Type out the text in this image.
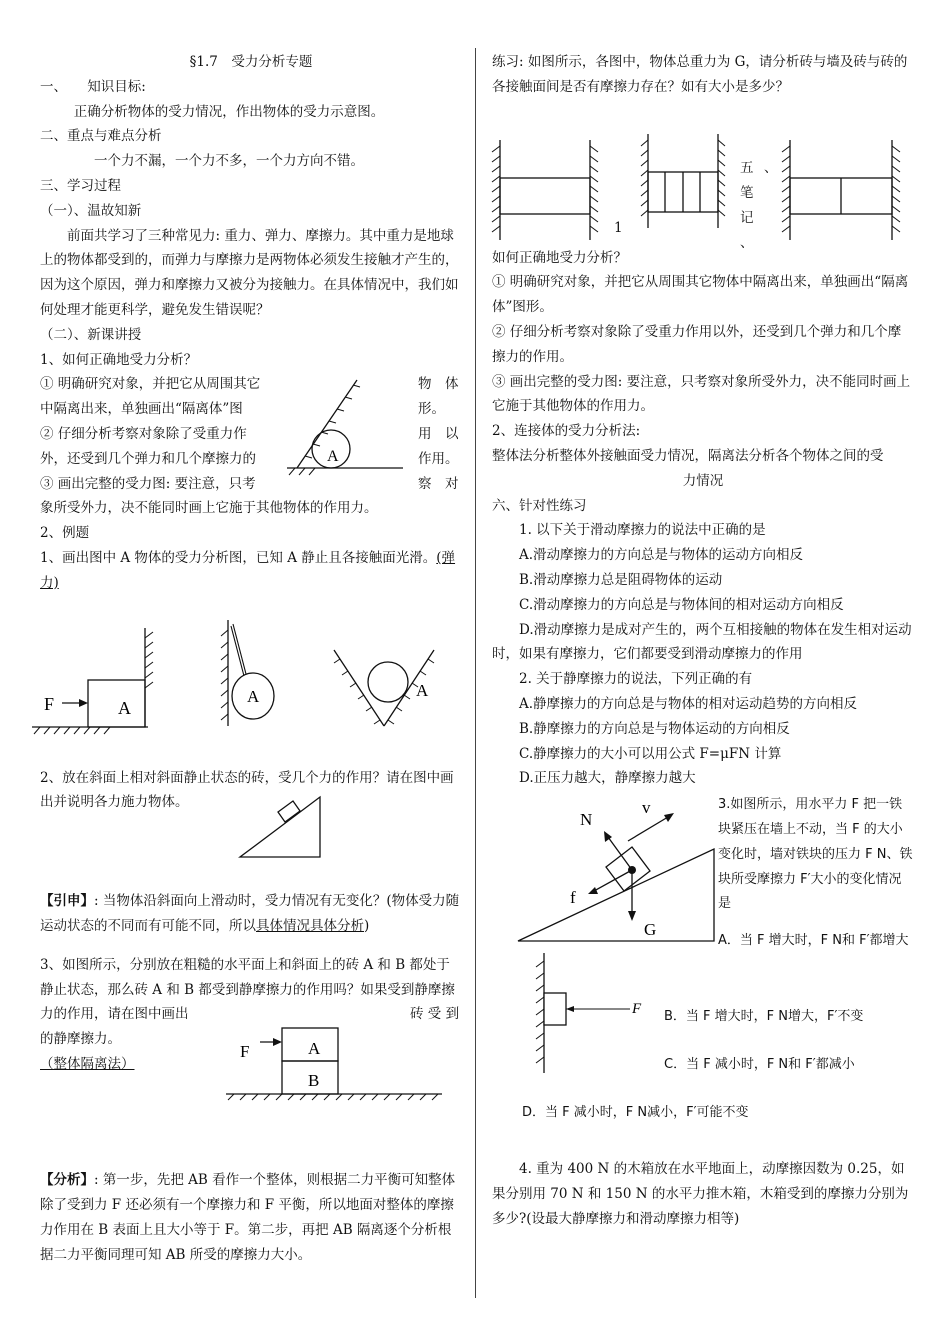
§1.7　受力分析专题

一、　　知识目标:

正确分析物体的受力情况，作出物体的受力示意图。

二、重点与难点分析

一个力不漏，一个力不多，一个力方向不错。

三、学习过程

（一）、温故知新

前面共学习了三种常见力: 重力、弹力、摩擦力。其中重力是地球上的物体都受到的，而弹力与摩擦力是两物体必须发生接触才产生的，因为这个原因，弹力和摩擦力又被分为接触力。在具体情况中，我们如何处理才能更科学，避免发生错误呢？

（二）、新课讲授

1、如何正确地受力分析？

① 明确研究对象，并把它从周围其它	物　体

中隔离出来，单独画出“隔离体”图	形。

② 仔细分析考察对象除了受重力作	用　以

外，还受到几个弹力和几个摩擦力的	作用。

③ 画出完整的受力图: 要注意，只考	察　对

A

象所受外力，决不能同时画上它施于其他物体的作用力。

2、例题

1、画出图中 A 物体的受力分析图，已知 A 静止且各接触面光滑。(弹力)

A
F	A	A

2、放在斜面上相对斜面静止状态的砖，受几个力的作用？请在图中画出并说明各力施力物体。

【引申】: 当物体沿斜面向上滑动时，受力情况有无变化？(物体受力随运动状态的不同而有可能不同，所以具体情况具体分析)

3、如图所示，分别放在粗糙的水平面上和斜面上的砖 A 和 B 都处于静止状态，那么砖 A 和 B 都受到静摩擦力的作用吗？如果受到静摩擦力的作用，请在图中画出	砖 受 到

的静摩擦力。

（整体隔离法）

A
B
F

【分析】: 第一步，先把 AB 看作一个整体，则根据二力平衡可知整体除了受到力 F 还必须有一个摩擦力和 F 平衡，所以地面对整体的摩擦力作用在 B 表面上且大小等于 F。第二步，再把 AB 隔离逐个分析根据二力平衡同理可知 AB 所受的摩擦力大小。

练习: 如图所示，各图中，物体总重力为 G，请分析砖与墙及砖与砖的各接触面间是否有摩擦力存在？如有大小是多少？

1

五 、

笔

记

、

如何正确地受力分析？

① 明确研究对象，并把它从周围其它物体中隔离出来，单独画出“隔离体”图形。

② 仔细分析考察对象除了受重力作用以外，还受到几个弹力和几个摩擦力的作用。

③ 画出完整的受力图: 要注意，只考察对象所受外力，决不能同时画上它施于其他物体的作用力。

2、连接体的受力分析法:

整体法分析整体外接触面受力情况，隔离法分析各个物体之间的受

力情况

六、针对性练习

1. 以下关于滑动摩擦力的说法中正确的是

A.滑动摩擦力的方向总是与物体的运动方向相反

B.滑动摩擦力总是阻碍物体的运动

C.滑动摩擦力的方向总是与物体间的相对运动方向相反

D.滑动摩擦力是成对产生的，两个互相接触的物体在发生相对运动时，如果有摩擦力，它们都要受到滑动摩擦力的作用

2. 关于静摩擦力的说法，下列正确的有

A.静摩擦力的方向总是与物体的相对运动趋势的方向相反

B.静摩擦力的方向总是与物体运动的方向相反

C.静摩擦力的大小可以用公式 F=μFN 计算

D.正压力越大，静摩擦力越大

3.如图所示，用水平力 F 把一铁块紧压在墙上不动，当 F 的大小变化时，墙对铁块的压力 F N、铁块所受摩擦力 F′大小的变化情况是

A．当 F 增大时，F N和 F′都增大

B．当 F 增大时，F N增大，F′不变

C．当 F 减小时，F N和 F′都减小

D．当 F 减小时，F N减小，F′可能不变

N
v
f
G
F

4. 重为 400 N 的木箱放在水平地面上，动摩擦因数为 0.25，如果分别用 70 N 和 150 N 的水平力推木箱，木箱受到的摩擦力分别为多少?(设最大静摩擦力和滑动摩擦力相等)
